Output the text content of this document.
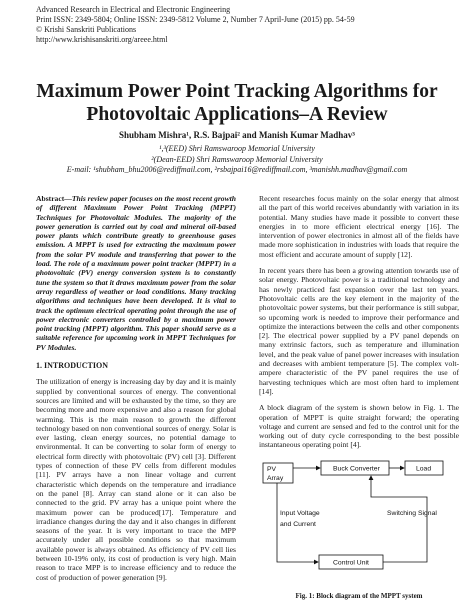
Advanced Research in Electrical and Electronic Engineering
Print ISSN: 2349-5804; Online ISSN: 2349-5812 Volume 2, Number 7 April-June (2015) pp. 54-59
© Krishi Sanskriti Publications
http://www.krishisanskriti.org/areee.html
Maximum Power Point Tracking Algorithms for
Photovoltaic Applications–A Review
Shubham Mishra¹, R.S. Bajpai² and Manish Kumar Madhav³
¹,³(EED) Shri Ramswaroop Memorial University
²(Dean-EED) Shri Ramswaroop Memorial University
E-mail: ¹shubham_bhu2006@rediffmail.com, ²rsbajpai16@rediffmail.com, ³manishh.madhav@gmail.com

Abstract—This review paper focuses on the most recent growth of different Maximum Power Point Tracking (MPPT) Techniques for Photovoltaic Modules. The majority of the power generation is carried out by coal and mineral oil-based power plants which contribute greatly to greenhouse gases emission. A MPPT is used for extracting the maximum power from the solar PV module and transferring that power to the load. The role of a maximum power point tracker (MPPT) in a photovoltaic (PV) energy conversion system is to constantly tune the system so that it draws maximum power from the solar array regardless of weather or load conditions. Many tracking algorithms and techniques have been developed. It is vital to track the optimum electrical operating point through the use of power electronic converters controlled by a maximum power point tracking (MPPT) algorithm. This paper should serve as a suitable reference for upcoming work in MPPT Techniques for PV Modules.

1. INTRODUCTION

The utilization of energy is increasing day by day and it is mainly supplied by conventional sources of energy. The conventional sources are limited and will be exhausted by the time, so they are becoming more and more expensive and also a reason for global warming. This is the main reason to growth the different technology based on non conventional sources of energy. Solar is ever lasting, clean energy sources, no potential damage to environmental. It can be converting to solar form of energy to electrical form directly with photovoltaic (PV) cell [3]. Different types of connection of these PV cells from different modules [11]. PV arrays have a non linear voltage and current characteristic which depends on the temperature and irradiance on the panel [8]. Array can stand alone or it can also be connected to the grid. PV array has a unique point where the maximum power can be produced[17]. Temperature and irradiance changes during the day and it also changes in different seasons of the year. It is very important to trace the MPP accurately under all possible conditions so that maximum available power is always obtained. As efficiency of PV cell lies between 10-19% only, its cost of production is very high. Main reason to trace MPP is to increase efficiency and to reduce the cost of production of power generation [9].

Recent researches focus mainly on the solar energy that almost all the part of this world receives abundantly with variation in its potential. Many studies have made it possible to convert these energies in to more efficient electrical energy [16]. The intervention of power electronics in almost all of the fields have made more sophistication in industries with loads that require the most efficient and accurate amount of supply [12].

In recent years there has been a growing attention towards use of solar energy. Photovoltaic power is a traditional technology and has newly practiced fast expansion over the last ten years. Photovoltaic cells are the key element in the majority of the photovoltaic power systems, but their performance is still subpar, so upcoming work is needed to improve their performance and optimize the interactions between the cells and other components [2]. The electrical power supplied by a PV panel depends on many extrinsic factors, such as temperature and illumination level, and the peak value of panel power increases with insulation and decreases with ambient temperature [5]. The complex volt-ampere characteristic of the PV panel requires the use of harvesting techniques which are most often hard to implement [14].

A block diagram of the system is shown below in Fig. 1. The operation of MPPT is quite straight forward; the operating voltage and current are sensed and fed to the control unit for the working out of duty cycle corresponding to the best possible instantaneous operating point [4].

PV
Array
Buck Converter	Load
Input Voltage
and Current
Switching Signal
Control Unit
Fig. 1: Block diagram of the MPPT system
